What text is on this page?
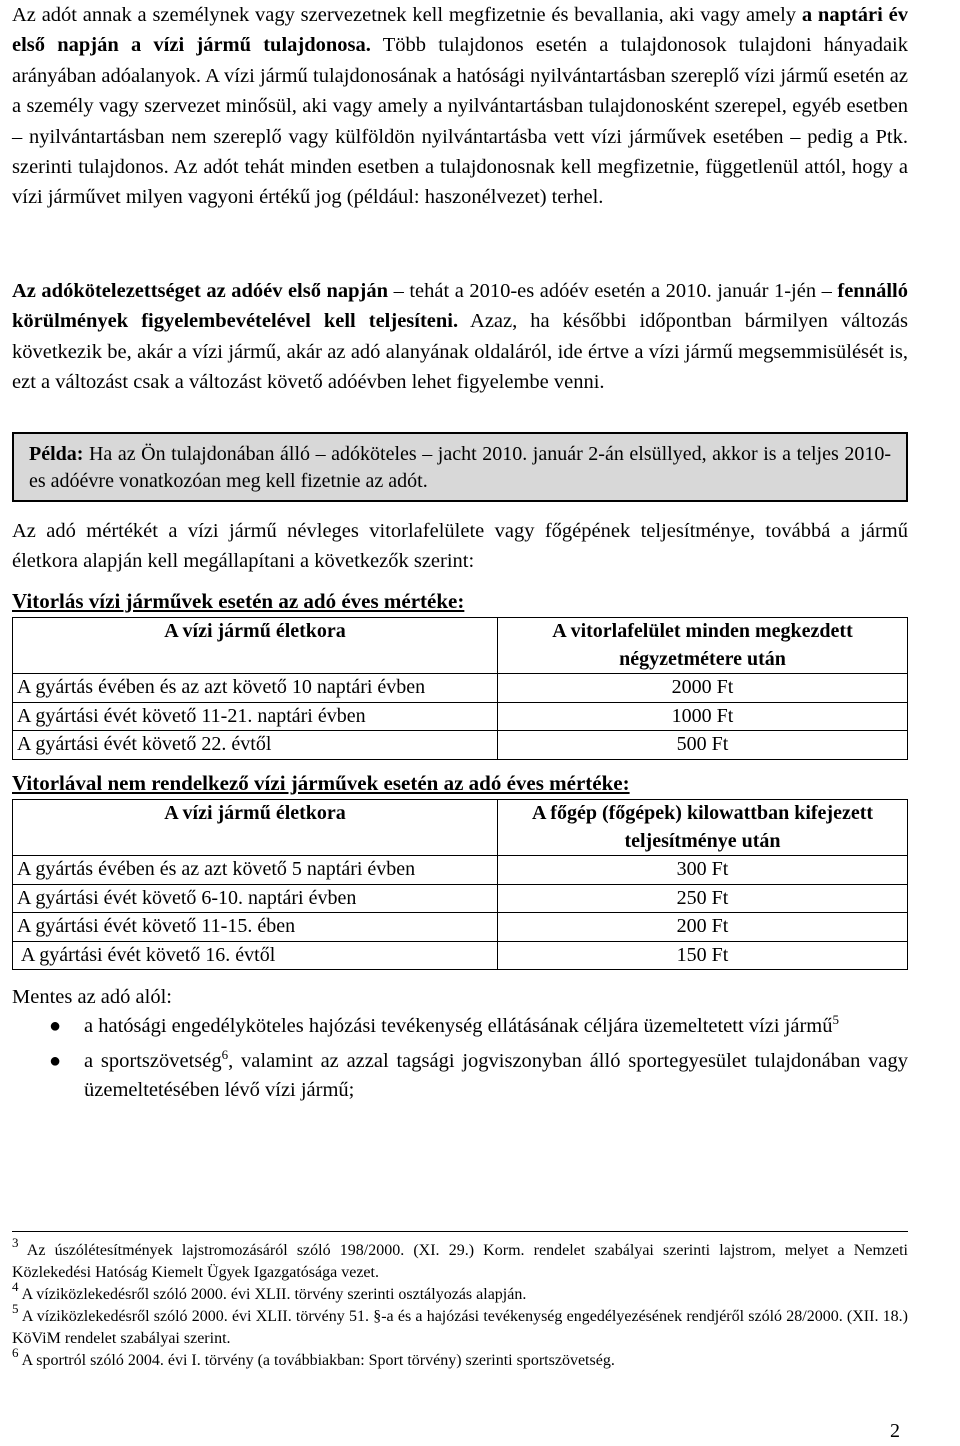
Az adót annak a személynek vagy szervezetnek kell megfizetnie és bevallania, aki vagy amely a naptári év első napján a vízi jármű tulajdonosa. Több tulajdonos esetén a tulajdonosok tulajdoni hányadaik arányában adóalanyok. A vízi jármű tulajdonosának a hatósági nyilvántartásban szereplő vízi jármű esetén az a személy vagy szervezet minősül, aki vagy amely a nyilvántartásban tulajdonosként szerepel, egyéb esetben – nyilvántartásban nem szereplő vagy külföldön nyilvántartásba vett vízi járművek esetében – pedig a Ptk. szerinti tulajdonos. Az adót tehát minden esetben a tulajdonosnak kell megfizetnie, függetlenül attól, hogy a vízi járművet milyen vagyoni értékű jog (például: haszonélvezet) terhel.

Az adókötelezettséget az adóév első napján – tehát a 2010-es adóév esetén a 2010. január 1-jén – fennálló körülmények figyelembevételével kell teljesíteni. Azaz, ha későbbi időpontban bármilyen változás következik be, akár a vízi jármű, akár az adó alanyának oldaláról, ide értve a vízi jármű megsemmisülését is, ezt a változást csak a változást követő adóévben lehet figyelembe venni.

Példa: Ha az Ön tulajdonában álló – adóköteles – jacht 2010. január 2-án elsüllyed, akkor is a teljes 2010-es adóévre vonatkozóan meg kell fizetnie az adót.

Az adó mértékét a vízi jármű névleges vitorlafelülete vagy főgépének teljesítménye, továbbá a jármű életkora alapján kell megállapítani a következők szerint:

Vitorlás vízi járművek esetén az adó éves mértéke:
A vízi jármű életkora	A vitorlafelület minden megkezdett négyzetmétere után
A gyártás évében és az azt követő 10 naptári évben	2000 Ft
A gyártási évét követő 11-21. naptári évben	1000 Ft
A gyártási évét követő 22. évtől	500 Ft
Vitorlával nem rendelkező vízi járművek esetén az adó éves mértéke:
A vízi jármű életkora	A főgép (főgépek) kilowattban kifejezett teljesítménye után
A gyártás évében és az azt követő 5 naptári évben	300 Ft
A gyártási évét követő 6-10. naptári évben	250 Ft
A gyártási évét követő 11-15. ében	200 Ft
A gyártási évét követő 16. évtől	150 Ft

Mentes az adó alól:

● a hatósági engedélyköteles hajózási tevékenység ellátásának céljára üzemeltetett vízi jármű$^5$
● a sportszövetség$^6$, valamint az azzal tagsági jogviszonyban álló sportegyesület tulajdonában vagy üzemeltetésében lévő vízi jármű;

$^3$ Az úszólétesítmények lajstromozásáról szóló 198/2000. (XI. 29.) Korm. rendelet szabályai szerinti lajstrom, melyet a Nemzeti Közlekedési Hatóság Kiemelt Ügyek Igazgatósága vezet.

$^4$ A víziközlekedésről szóló 2000. évi XLII. törvény szerinti osztályozás alapján.

$^5$ A víziközlekedésről szóló 2000. évi XLII. törvény 51. §-a és a hajózási tevékenység engedélyezésének rendjéről szóló 28/2000. (XII. 18.) KöViM rendelet szabályai szerint.

$^6$ A sportról szóló 2004. évi I. törvény (a továbbiakban: Sport törvény) szerinti sportszövetség.

2
